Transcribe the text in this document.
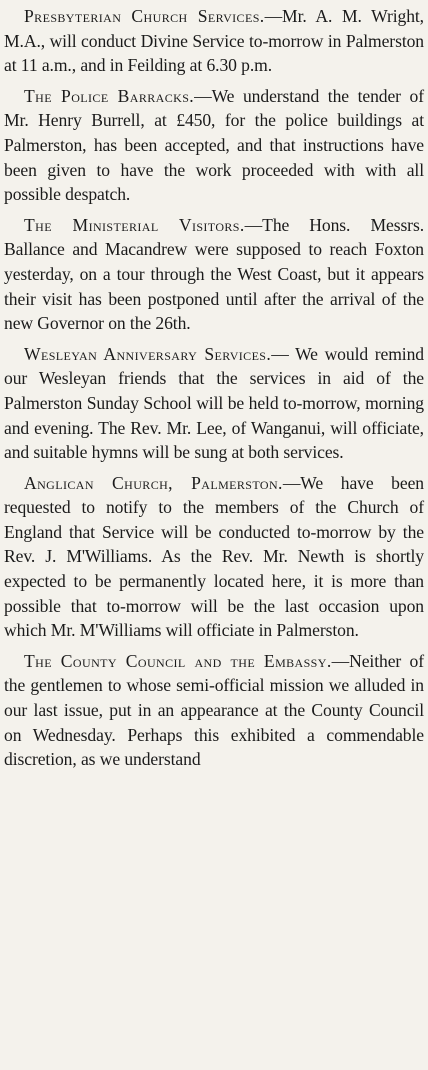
Presbyterian Church Services.—Mr. A. M. Wright, M.A., will conduct Divine Service to-morrow in Palmerston at 11 a.m., and in Feilding at 6.30 p.m.

The Police Barracks.—We understand the tender of Mr. Henry Burrell, at £450, for the police buildings at Palmerston, has been accepted, and that instructions have been given to have the work proceeded with with all possible despatch.

The Ministerial Visitors.—The Hons. Messrs. Ballance and Macandrew were supposed to reach Foxton yesterday, on a tour through the West Coast, but it appears their visit has been postponed until after the arrival of the new Governor on the 26th.

Wesleyan Anniversary Services.— We would remind our Wesleyan friends that the services in aid of the Palmerston Sunday School will be held to-morrow, morning and evening. The Rev. Mr. Lee, of Wanganui, will officiate, and suitable hymns will be sung at both services.

Anglican Church, Palmerston.—We have been requested to notify to the members of the Church of England that Service will be conducted to-morrow by the Rev. J. M'Williams. As the Rev. Mr. Newth is shortly expected to be permanently located here, it is more than possible that to-morrow will be the last occasion upon which Mr. M'Williams will officiate in Palmerston.

The County Council and the Embassy.—Neither of the gentlemen to whose semi-official mission we alluded in our last issue, put in an appearance at the County Council on Wednesday. Perhaps this exhibited a commendable discretion, as we understand
